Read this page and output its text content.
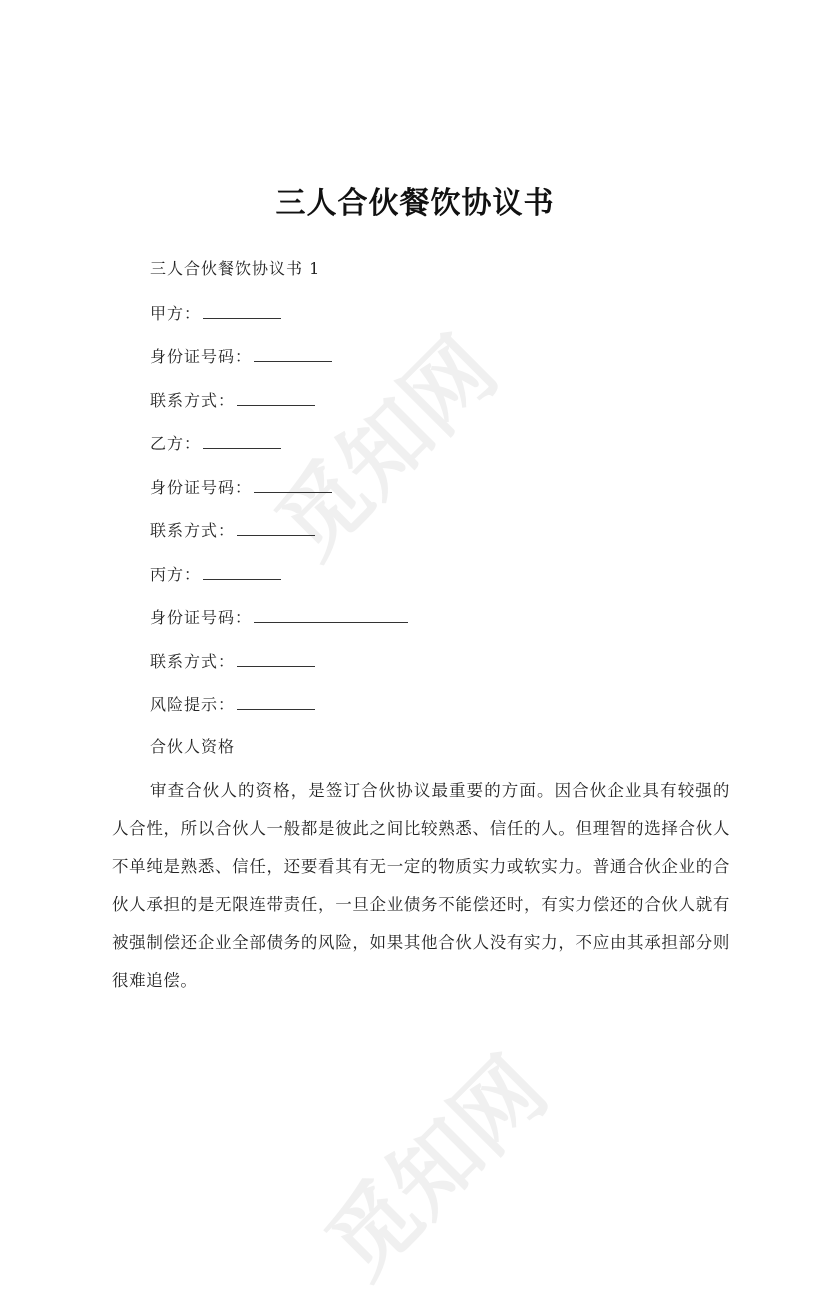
觅知网
觅知网
三人合伙餐饮协议书
三人合伙餐饮协议书 1
甲方：
身份证号码：
联系方式：
乙方：
身份证号码：
联系方式：
丙方：
身份证号码：
联系方式：
风险提示：
合伙人资格
审查合伙人的资格，是签订合伙协议最重要的方面。因合伙企业具有较强的人合性，所以合伙人一般都是彼此之间比较熟悉、信任的人。但理智的选择合伙人不单纯是熟悉、信任，还要看其有无一定的物质实力或软实力。普通合伙企业的合伙人承担的是无限连带责任，一旦企业债务不能偿还时，有实力偿还的合伙人就有被强制偿还企业全部债务的风险，如果其他合伙人没有实力，不应由其承担部分则很难追偿。
